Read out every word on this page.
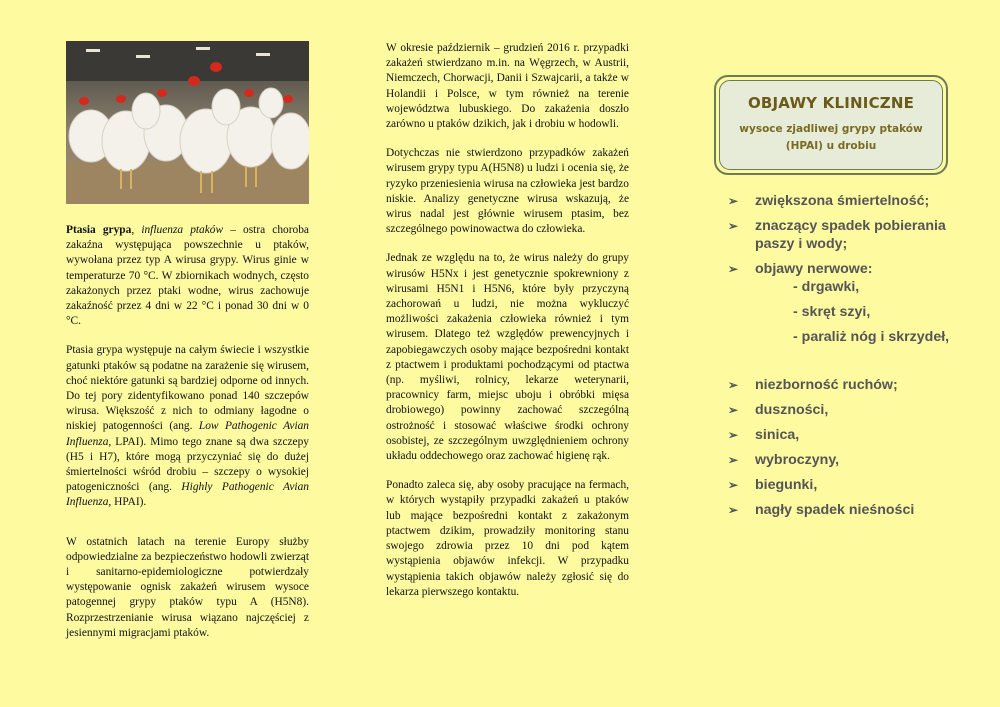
Ptasia grypa, influenza ptaków – ostra choroba zakaźna występująca powszechnie u ptaków, wywołana przez typ A wirusa grypy. Wirus ginie w temperaturze 70 °C. W zbiornikach wodnych, często zakażonych przez ptaki wodne, wirus zachowuje zakaźność przez 4 dni w 22 °C i ponad 30 dni w 0 °C.

Ptasia grypa występuje na całym świecie i wszystkie gatunki ptaków są podatne na zarażenie się wirusem, choć niektóre gatunki są bardziej odporne od innych. Do tej pory zidentyfikowano ponad 140 szczepów wirusa. Większość z nich to odmiany łagodne o niskiej patogenności (ang. Low Pathogenic Avian Influenza, LPAI). Mimo tego znane są dwa szczepy (H5 i H7), które mogą przyczyniać się do dużej śmiertelności wśród drobiu – szczepy o wysokiej patogeniczności (ang. Highly Pathogenic Avian Influenza, HPAI).

W ostatnich latach na terenie Europy służby odpowiedzialne za bezpieczeństwo hodowli zwierząt i sanitarno-epidemiologiczne potwierdzały występowanie ognisk zakażeń wirusem wysoce patogennej grypy ptaków typu A (H5N8). Rozprzestrzenianie wirusa wiązano najczęściej z jesiennymi migracjami ptaków.

W okresie październik – grudzień 2016 r. przypadki zakażeń stwierdzano m.in. na Węgrzech, w Austrii, Niemczech, Chorwacji, Danii i Szwajcarii, a także w Holandii i Polsce, w tym również na terenie województwa lubuskiego. Do zakażenia doszło zarówno u ptaków dzikich, jak i drobiu w hodowli.

Dotychczas nie stwierdzono przypadków zakażeń wirusem grypy typu A(H5N8) u ludzi i ocenia się, że ryzyko przeniesienia wirusa na człowieka jest bardzo niskie. Analizy genetyczne wirusa wskazują, że wirus nadal jest głównie wirusem ptasim, bez szczególnego powinowactwa do człowieka.

Jednak ze względu na to, że wirus należy do grupy wirusów H5Nx i jest genetycznie spokrewniony z wirusami H5N1 i H5N6, które były przyczyną zachorowań u ludzi, nie można wykluczyć możliwości zakażenia człowieka również i tym wirusem. Dlatego też względów prewencyjnych i zapobiegawczych osoby mające bezpośredni kontakt z ptactwem i produktami pochodzącymi od ptactwa (np. myśliwi, rolnicy, lekarze weterynarii, pracownicy farm, miejsc uboju i obróbki mięsa drobiowego) powinny zachować szczególną ostrożność i stosować właściwe środki ochrony osobistej, ze szczególnym uwzględnieniem ochrony układu oddechowego oraz zachować higienę rąk.

Ponadto zaleca się, aby osoby pracujące na fermach, w których wystąpiły przypadki zakażeń u ptaków lub mające bezpośredni kontakt z zakażonym ptactwem dzikim, prowadziły monitoring stanu swojego zdrowia przez 10 dni pod kątem wystąpienia objawów infekcji. W przypadku wystąpienia takich objawów należy zgłosić się do lekarza pierwszego kontaktu.

OBJAWY KLINICZNE
wysoce zjadliwej grypy ptaków
(HPAI) u drobiu
➢ zwiększona śmiertelność;
➢ znaczący spadek pobierania paszy i wody;
➢ objawy nerwowe:
- drgawki,
- skręt szyi,
- paraliż nóg i skrzydeł,
➢ niezborność ruchów;
➢ duszności,
➢ sinica,
➢ wybroczyny,
➢ biegunki,
➢ nagły spadek nieśności
